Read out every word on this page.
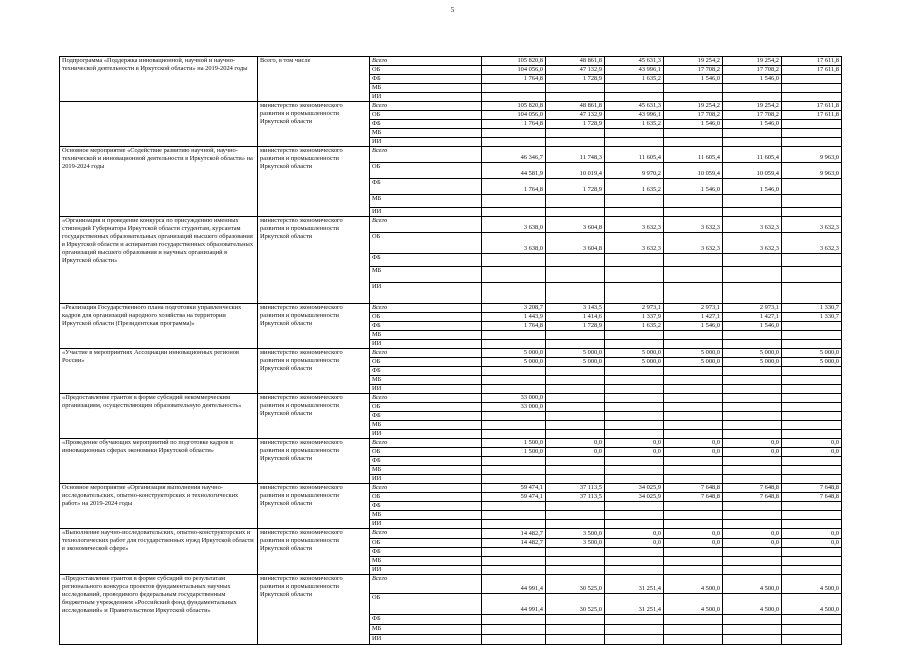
5
Подпрограмма «Поддержка инновационной, научной и научно-технической деятельности в Иркутской области» на 2019-2024 годы	Всего, в том числе	Всего	105 820,8	48 861,8	45 631,3	19 254,2	19 254,2	17 611,8
		ОБ	104 056,0	47 132,9	43 996,1	17 708,2	17 708,2	17 611,8
		ФБ	1 764,8	1 728,9	1 635,2	1 546,0	1 546,0	
		МБ						
		ИИ						
	министерство экономического развития и промышленности Иркутской области	Всего	105 820,8	48 861,8	45 631,3	19 254,2	19 254,2	17 611,8
		ОБ	104 056,0	47 132,9	43 996,1	17 708,2	17 708,2	17 611,8
		ФБ	1 764,8	1 728,9	1 635,2	1 546,0	1 546,0	
		МБ						
		ИИ						
Основное мероприятие «Содействие развитию научной, научно-технической и инновационной деятельности в Иркутской области» на 2019-2024 годы	министерство экономического развития и промышленности Иркутской области	Всего	46 346,7	11 748,3	11 605,4	11 605,4	11 605,4	9 963,0
		ОБ	44 581,9	10 019,4	9 970,2	10 059,4	10 059,4	9 963,0
		ФБ	1 764,8	1 728,9	1 635,2	1 546,0	1 546,0	
		МБ						
		ИИ						
«Организация и проведение конкурса по присуждению именных стипендий Губернатора Иркутской области студентам, курсантам государственных образовательных организаций высшего образования в Иркутской области и аспирантам государственных образовательных организаций высшего образования и научных организаций в Иркутской области»	министерство экономического развития и промышленности Иркутской области	Всего	3 638,0	3 604,8	3 632,3	3 632,3	3 632,3	3 632,3
		ОБ	3 638,0	3 604,8	3 632,3	3 632,3	3 632,3	3 632,3
		ФБ						
		МБ						
		ИИ						
«Реализация Государственного плана подготовки управленческих кадров для организаций народного хозяйства на территории Иркутской области (Президентская программа)»	министерство экономического развития и промышленности Иркутской области	Всего	3 208,7	3 143,5	2 973,1	2 973,1	2 973,1	1 330,7
		ОБ	1 443,9	1 414,6	1 337,9	1 427,1	1 427,1	1 330,7
		ФБ	1 764,8	1 728,9	1 635,2	1 546,0	1 546,0	
		МБ						
		ИИ						
«Участие в мероприятиях Ассоциации инновационных регионов России»	министерство экономического развития и промышленности Иркутской области	Всего	5 000,0	5 000,0	5 000,0	5 000,0	5 000,0	5 000,0
		ОБ	5 000,0	5 000,0	5 000,0	5 000,0	5 000,0	5 000,0
		ФБ						
		МБ						
		ИИ						
«Предоставление грантов в форме субсидий некоммерческим организациям, осуществляющим образовательную деятельность»	министерство экономического развития и промышленности Иркутской области	Всего	33 000,0					
		ОБ	33 000,0					
		ФБ						
		МБ						
		ИИ						
«Проведение обучающих мероприятий по подготовке кадров в инновационных сферах экономики Иркутской области»	министерство экономического развития и промышленности Иркутской области	Всего	1 500,0	0,0	0,0	0,0	0,0	0,0
		ОБ	1 500,0	0,0	0,0	0,0	0,0	0,0
		ФБ						
		МБ						
		ИИ						
Основное мероприятие «Организация выполнения научно-исследовательских, опытно-конструкторских и технологических работ» на 2019-2024 годы	министерство экономического развития и промышленности Иркутской области	Всего	59 474,1	37 113,5	34 025,9	7 648,8	7 648,8	7 648,8
		ОБ	59 474,1	37 113,5	34 025,9	7 648,8	7 648,8	7 648,8
		ФБ						
		МБ						
		ИИ						
«Выполнение научно-исследовательских, опытно-конструкторских и технологических работ для государственных нужд Иркутской области в экономической сфере»	министерство экономического развития и промышленности Иркутской области	Всего	14 482,7	3 500,0	0,0	0,0	0,0	0,0
		ОБ	14 482,7	3 500,0	0,0	0,0	0,0	0,0
		ФБ						
		МБ						
		ИИ						
«Предоставление грантов в форме субсидий по результатам регионального конкурса проектов фундаментальных научных исследований, проводимого федеральным государственным бюджетным учреждением «Российский фонд фундаментальных исследований» и Правительством Иркутской области»	министерство экономического развития и промышленности Иркутской области	Всего	44 991,4	30 525,0	31 251,4	4 500,0	4 500,0	4 500,0
		ОБ	44 991,4	30 525,0	31 251,4	4 500,0	4 500,0	4 500,0
		ФБ						
		МБ						
		ИИ						
